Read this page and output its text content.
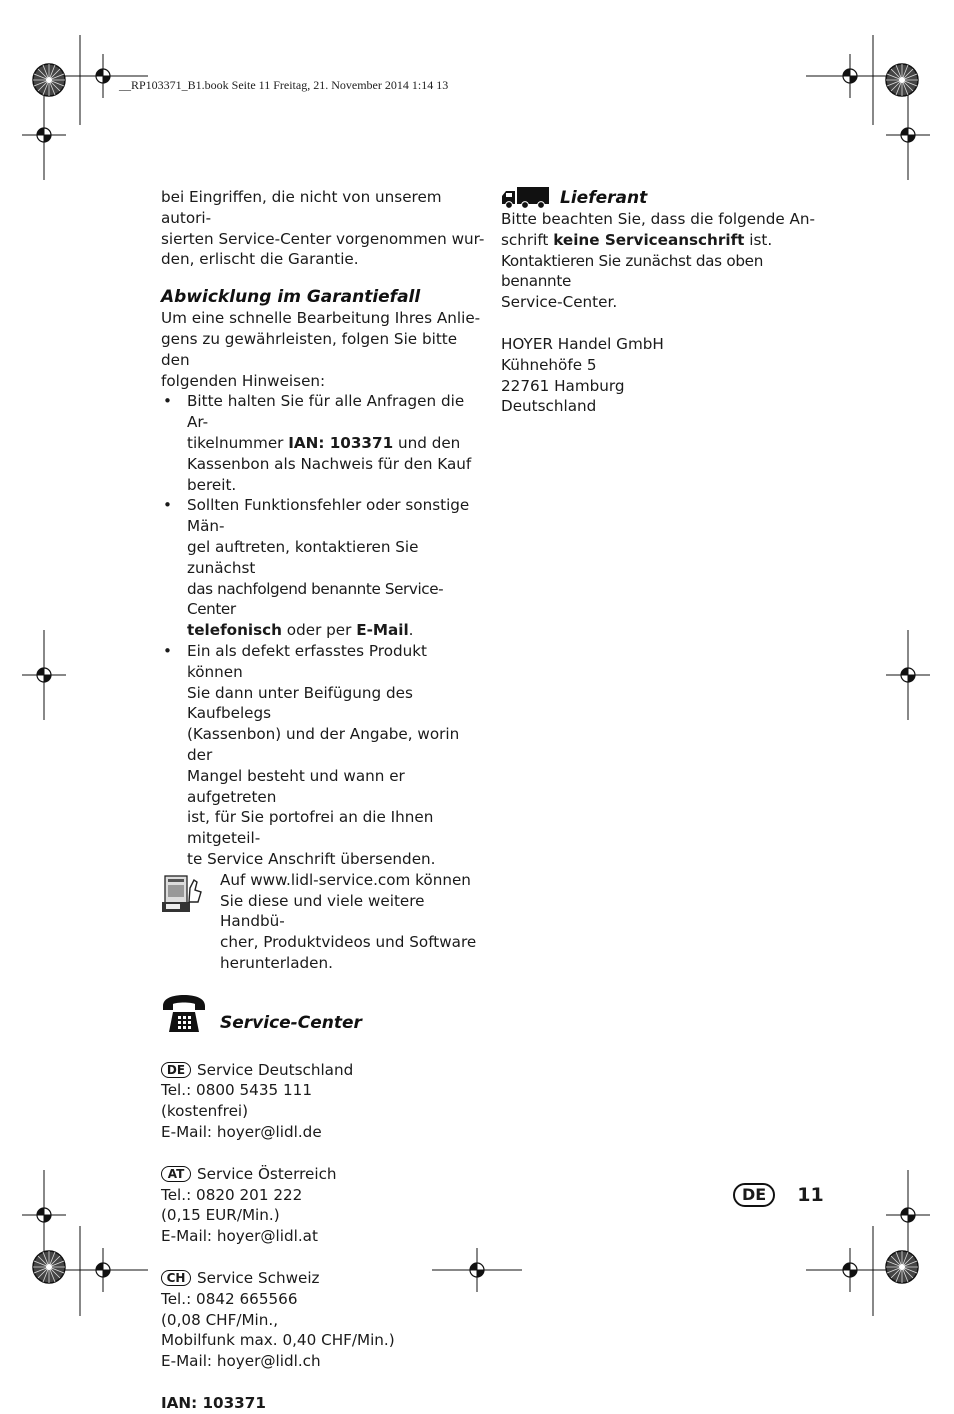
__RP103371_B1.book Seite 11 Freitag, 21. November 2014 1:14 13

bei Eingriffen, die nicht von unserem autori-
sierten Service-Center vorgenommen wur-
den, erlischt die Garantie.

Abwicklung im Garantiefall

Um eine schnelle Bearbeitung Ihres Anlie-
gens zu gewährleisten, folgen Sie bitte den
folgenden Hinweisen:

• Bitte halten Sie für alle Anfragen die Ar-
tikelnummer IAN: 103371 und den
Kassenbon als Nachweis für den Kauf
bereit.
• Sollten Funktionsfehler oder sonstige Män-
gel auftreten, kontaktieren Sie zunächst
das nachfolgend benannte Service-Center
telefonisch oder per E-Mail.
• Ein als defekt erfasstes Produkt können
Sie dann unter Beifügung des Kaufbelegs
(Kassenbon) und der Angabe, worin der
Mangel besteht und wann er aufgetreten
ist, für Sie portofrei an die Ihnen mitgeteil-
te Service Anschrift übersenden.
Auf www.lidl-service.com können
Sie diese und viele weitere Handbü-
cher, Produktvideos und Software
herunterladen.
Service-Center
DE Service Deutschland
Tel.: 0800 5435 111
(kostenfrei)
E-Mail: hoyer@lidl.de
AT Service Österreich
Tel.: 0820 201 222
(0,15 EUR/Min.)
E-Mail: hoyer@lidl.at
CH Service Schweiz
Tel.: 0842 665566
(0,08 CHF/Min.,
Mobilfunk max. 0,40 CHF/Min.)
E-Mail: hoyer@lidl.ch
IAN: 103371
Lieferant

Bitte beachten Sie, dass die folgende An-
schrift keine Serviceanschrift ist.
Kontaktieren Sie zunächst das oben benannte
Service-Center.

HOYER Handel GmbH
Kühnehöfe 5
22761 Hamburg
Deutschland

DE	11
